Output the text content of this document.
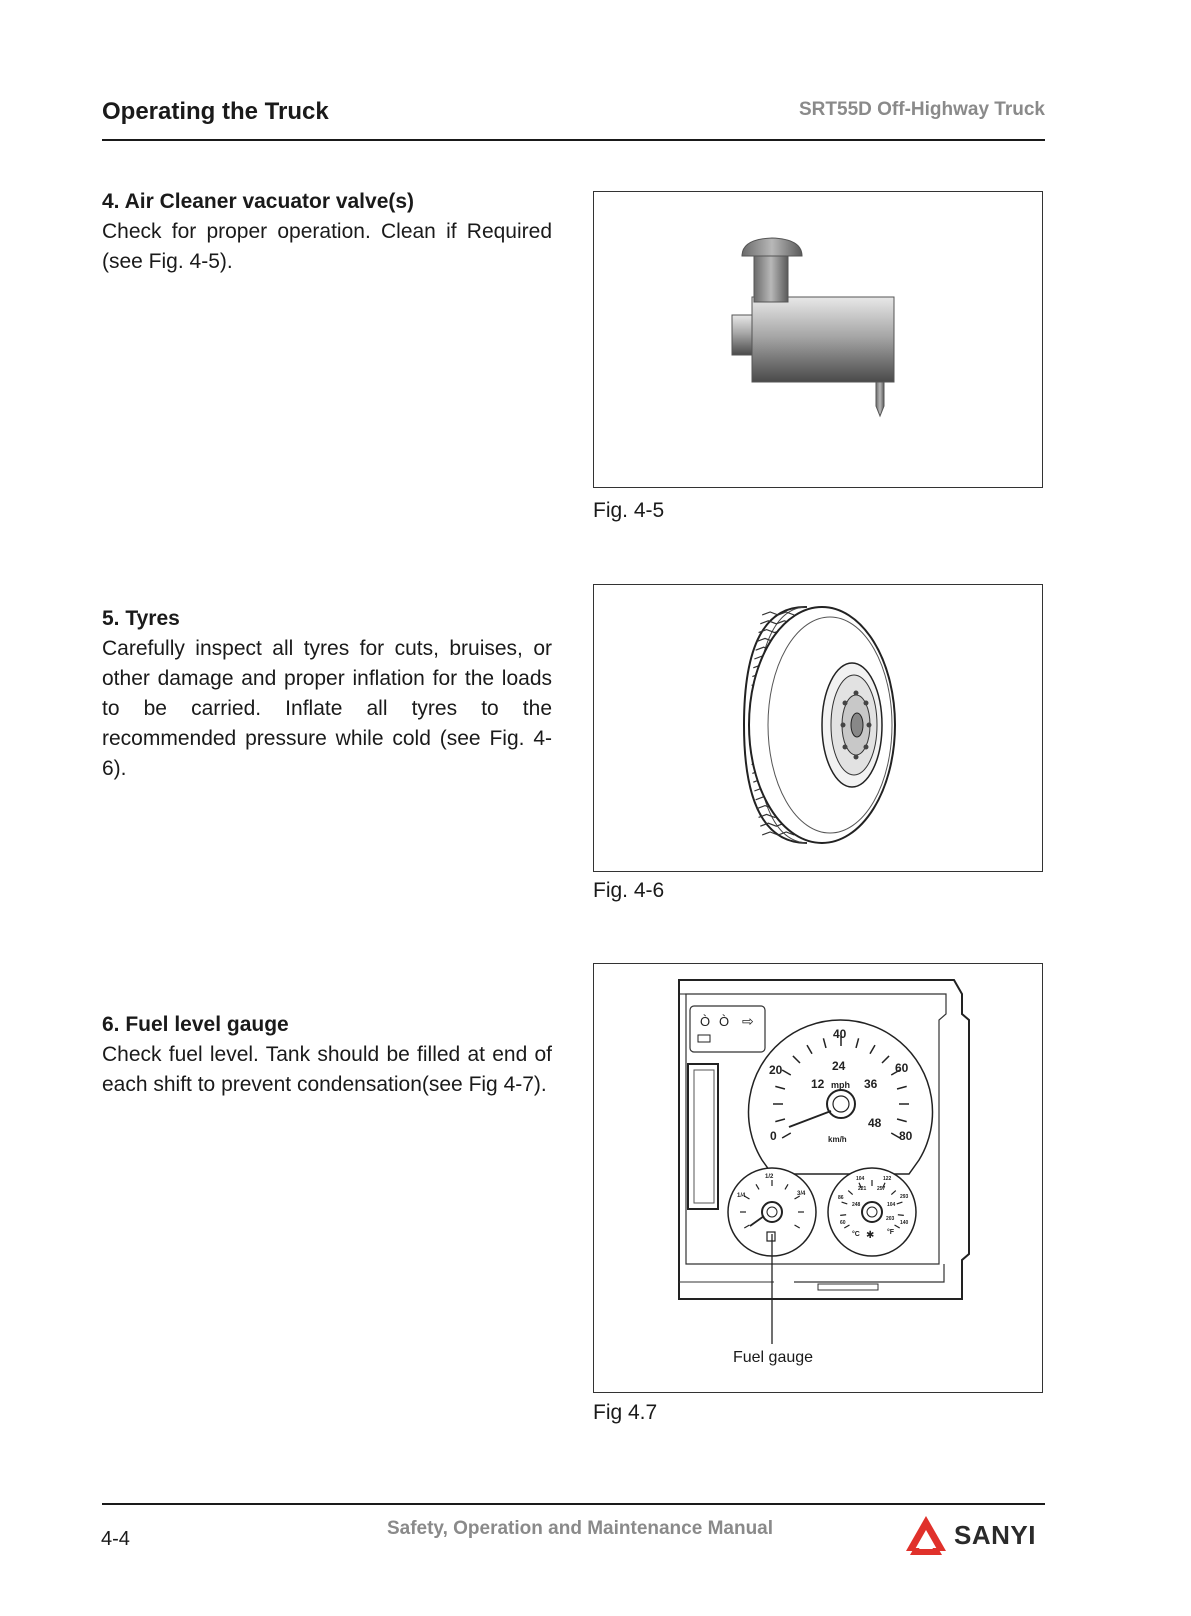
Operating the Truck	SRT55D Off-Highway Truck
4. Air Cleaner vacuator valve(s)

Check for proper operation. Clean if Required (see Fig. 4-5).

Fig. 4-5
5. Tyres

Carefully inspect all tyres for cuts, bruises, or other damage and proper inflation for the loads to be carried. Inflate all tyres to the recommended pressure while cold (see Fig. 4-6).

Fig. 4-6
6. Fuel level gauge

Check fuel level. Tank should be filled at end of each shift to prevent condensation(see Fig 4-7).

Ò Ò ⇨
12
24
36
48
0
20
40
60
80
mph
km/h
1/4
1/2
3/4
104	122
221 257
86	293
248
60
104
203
140
°C	°F
✱
Fuel gauge
Fig 4.7
Safety, Operation and Maintenance Manual
4-4	SANYI
